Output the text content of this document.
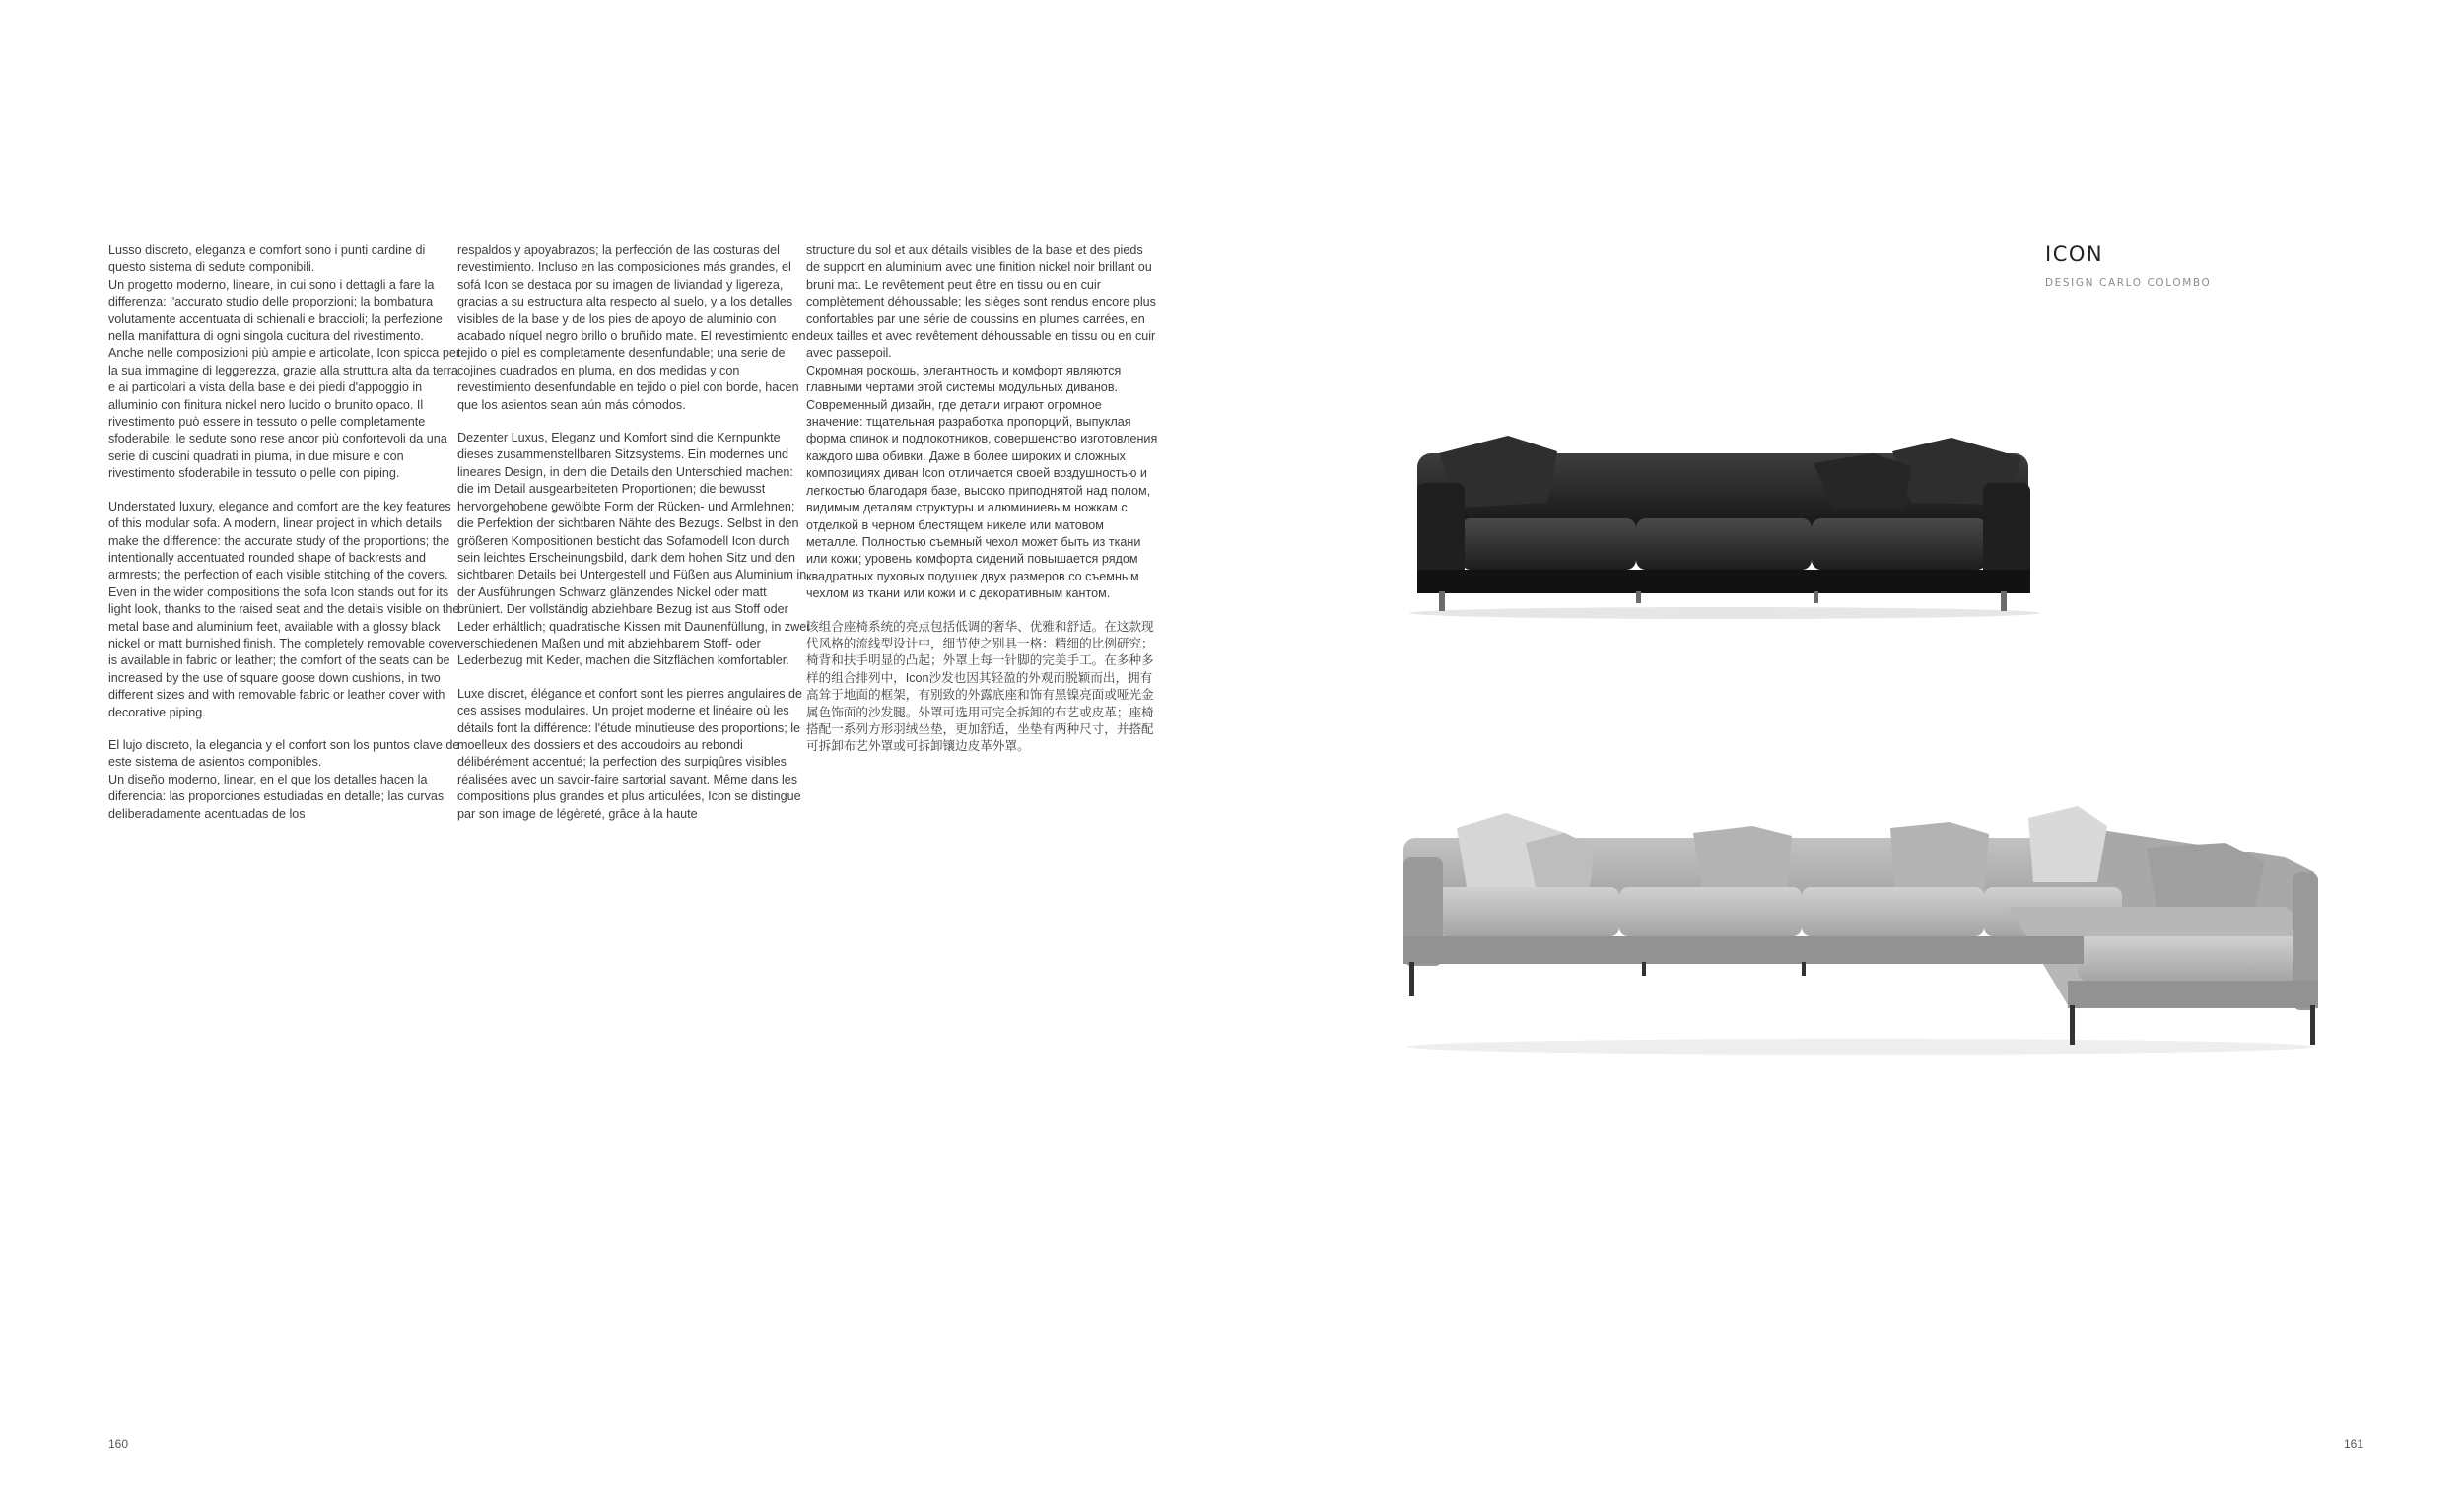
Lusso discreto, eleganza e comfort sono i punti cardine di questo sistema di sedute componibili.
Un progetto moderno, lineare, in cui sono i dettagli a fare la differenza: l'accurato studio delle proporzioni; la bombatura volutamente accentuata di schienali e braccioli; la perfezione nella manifattura di ogni singola cucitura del rivestimento. Anche nelle composizioni più ampie e articolate, Icon spicca per la sua immagine di leggerezza, grazie alla struttura alta da terra e ai particolari a vista della base e dei piedi d'appoggio in alluminio con finitura nickel nero lucido o brunito opaco. Il rivestimento può essere in tessuto o pelle completamente sfoderabile; le sedute sono rese ancor più confortevoli da una serie di cuscini quadrati in piuma, in due misure e con rivestimento sfoderabile in tessuto o pelle con piping.

Understated luxury, elegance and comfort are the key features of this modular sofa. A modern, linear project in which details make the difference: the accurate study of the proportions; the intentionally accentuated rounded shape of backrests and armrests; the perfection of each visible stitching of the covers. Even in the wider compositions the sofa Icon stands out for its light look, thanks to the raised seat and the details visible on the metal base and aluminium feet, available with a glossy black nickel or matt burnished finish. The completely removable cover is available in fabric or leather; the comfort of the seats can be increased by the use of square goose down cushions, in two different sizes and with removable fabric or leather cover with decorative piping.

El lujo discreto, la elegancia y el confort son los puntos clave de este sistema de asientos componibles.
Un diseño moderno, linear, en el que los detalles hacen la diferencia: las proporciones estudiadas en detalle; las curvas deliberadamente acentuadas de los

respaldos y apoyabrazos; la perfección de las costuras del revestimiento. Incluso en las composiciones más grandes, el sofá Icon se destaca por su imagen de liviandad y ligereza, gracias a su estructura alta respecto al suelo, y a los detalles visibles de la base y de los pies de apoyo de aluminio con acabado níquel negro brillo o bruñido mate. El revestimiento en tejido o piel es completamente desenfundable; una serie de cojines cuadrados en pluma, en dos medidas y con revestimiento desenfundable en tejido o piel con borde, hacen que los asientos sean aún más cómodos.

Dezenter Luxus, Eleganz und Komfort sind die Kernpunkte dieses zusammenstellbaren Sitzsystems. Ein modernes und lineares Design, in dem die Details den Unterschied machen: die im Detail ausgearbeiteten Proportionen; die bewusst hervorgehobene gewölbte Form der Rücken- und Armlehnen; die Perfektion der sichtbaren Nähte des Bezugs. Selbst in den größeren Kompositionen besticht das Sofamodell Icon durch sein leichtes Erscheinungsbild, dank dem hohen Sitz und den sichtbaren Details bei Untergestell und Füßen aus Aluminium in der Ausführungen Schwarz glänzendes Nickel oder matt brüniert. Der vollständig abziehbare Bezug ist aus Stoff oder Leder erhältlich; quadratische Kissen mit Daunenfüllung, in zwei verschiedenen Maßen und mit abziehbarem Stoff- oder Lederbezug mit Keder, machen die Sitzflächen komfortabler.

Luxe discret, élégance et confort sont les pierres angulaires de ces assises modulaires. Un projet moderne et linéaire où les détails font la différence: l'étude minutieuse des proportions; le moelleux des dossiers et des accoudoirs au rebondi délibérément accentué; la perfection des surpiqûres visibles réalisées avec un savoir-faire sartorial savant. Même dans les compositions plus grandes et plus articulées, Icon se distingue par son image de légèreté, grâce à la haute

structure du sol et aux détails visibles de la base et des pieds de support en aluminium avec une finition nickel noir brillant ou bruni mat. Le revêtement peut être en tissu ou en cuir complètement déhoussable; les sièges sont rendus encore plus confortables par une série de coussins en plumes carrées, en deux tailles et avec revêtement déhoussable en tissu ou en cuir avec passepoil.
Скромная роскошь, элегантность и комфорт являются главными чертами этой системы модульных диванов. Современный дизайн, где детали играют огромное значение: тщательная разработка пропорций, выпуклая форма спинок и подлокотников, совершенство изготовления каждого шва обивки. Даже в более широких и сложных композициях диван Icon отличается своей воздушностью и легкостью благодаря базе, высоко приподнятой над полом, видимым деталям структуры и алюминиевым ножкам с отделкой в черном блестящем никеле или матовом металле. Полностью съемный чехол может быть из ткани или кожи; уровень комфорта сидений повышается рядом квадратных пуховых подушек двух размеров со съемным чехлом из ткани или кожи и с декоративным кантом.

该组合座椅系统的亮点包括低调的奢华、优雅和舒适。在这款现代风格的流线型设计中，细节使之别具一格：精细的比例研究；椅背和扶手明显的凸起；外罩上每一针脚的完美手工。在多种多样的组合排列中，Icon沙发也因其轻盈的外观而脱颖而出，拥有高耸于地面的框架，有别致的外露底座和饰有黑镍亮面或哑光金属色饰面的沙发腿。外罩可选用可完全拆卸的布艺或皮革；座椅搭配一系列方形羽绒坐垫，更加舒适，坐垫有两种尺寸，并搭配可拆卸布艺外罩或可拆卸镶边皮革外罩。

ICON
DESIGN CARLO COLOMBO
160	161
